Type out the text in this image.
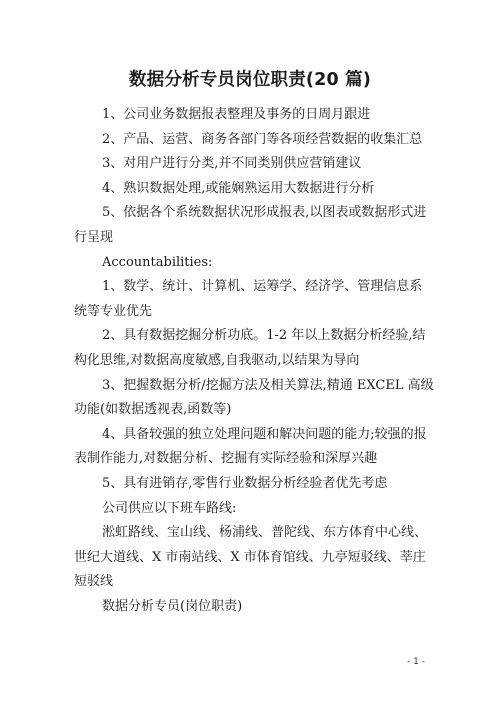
数据分析专员岗位职责(20 篇)

1、公司业务数据报表整理及事务的日周月跟进

2、产品、运营、商务各部门等各项经营数据的收集汇总

3、对用户进行分类,并不同类别供应营销建议

4、熟识数据处理,或能娴熟运用大数据进行分析

5、依据各个系统数据状况形成报表,以图表或数据形式进行呈现

Accountabilities:

1、数学、统计、计算机、运筹学、经济学、管理信息系统等专业优先

2、具有数据挖掘分析功底。1-2 年以上数据分析经验,结构化思维,对数据高度敏感,自我驱动,以结果为导向

3、把握数据分析/挖掘方法及相关算法,精通 EXCEL 高级功能(如数据透视表,函数等)

4、具备较强的独立处理问题和解决问题的能力;较强的报表制作能力,对数据分析、挖掘有实际经验和深厚兴趣

5、具有进销存,零售行业数据分析经验者优先考虑

公司供应以下班车路线:

淞虹路线、宝山线、杨浦线、普陀线、东方体育中心线、世纪大道线、X 市南站线、X 市体育馆线、九亭短驳线、莘庄短驳线

数据分析专员(岗位职责)

- 1 -
